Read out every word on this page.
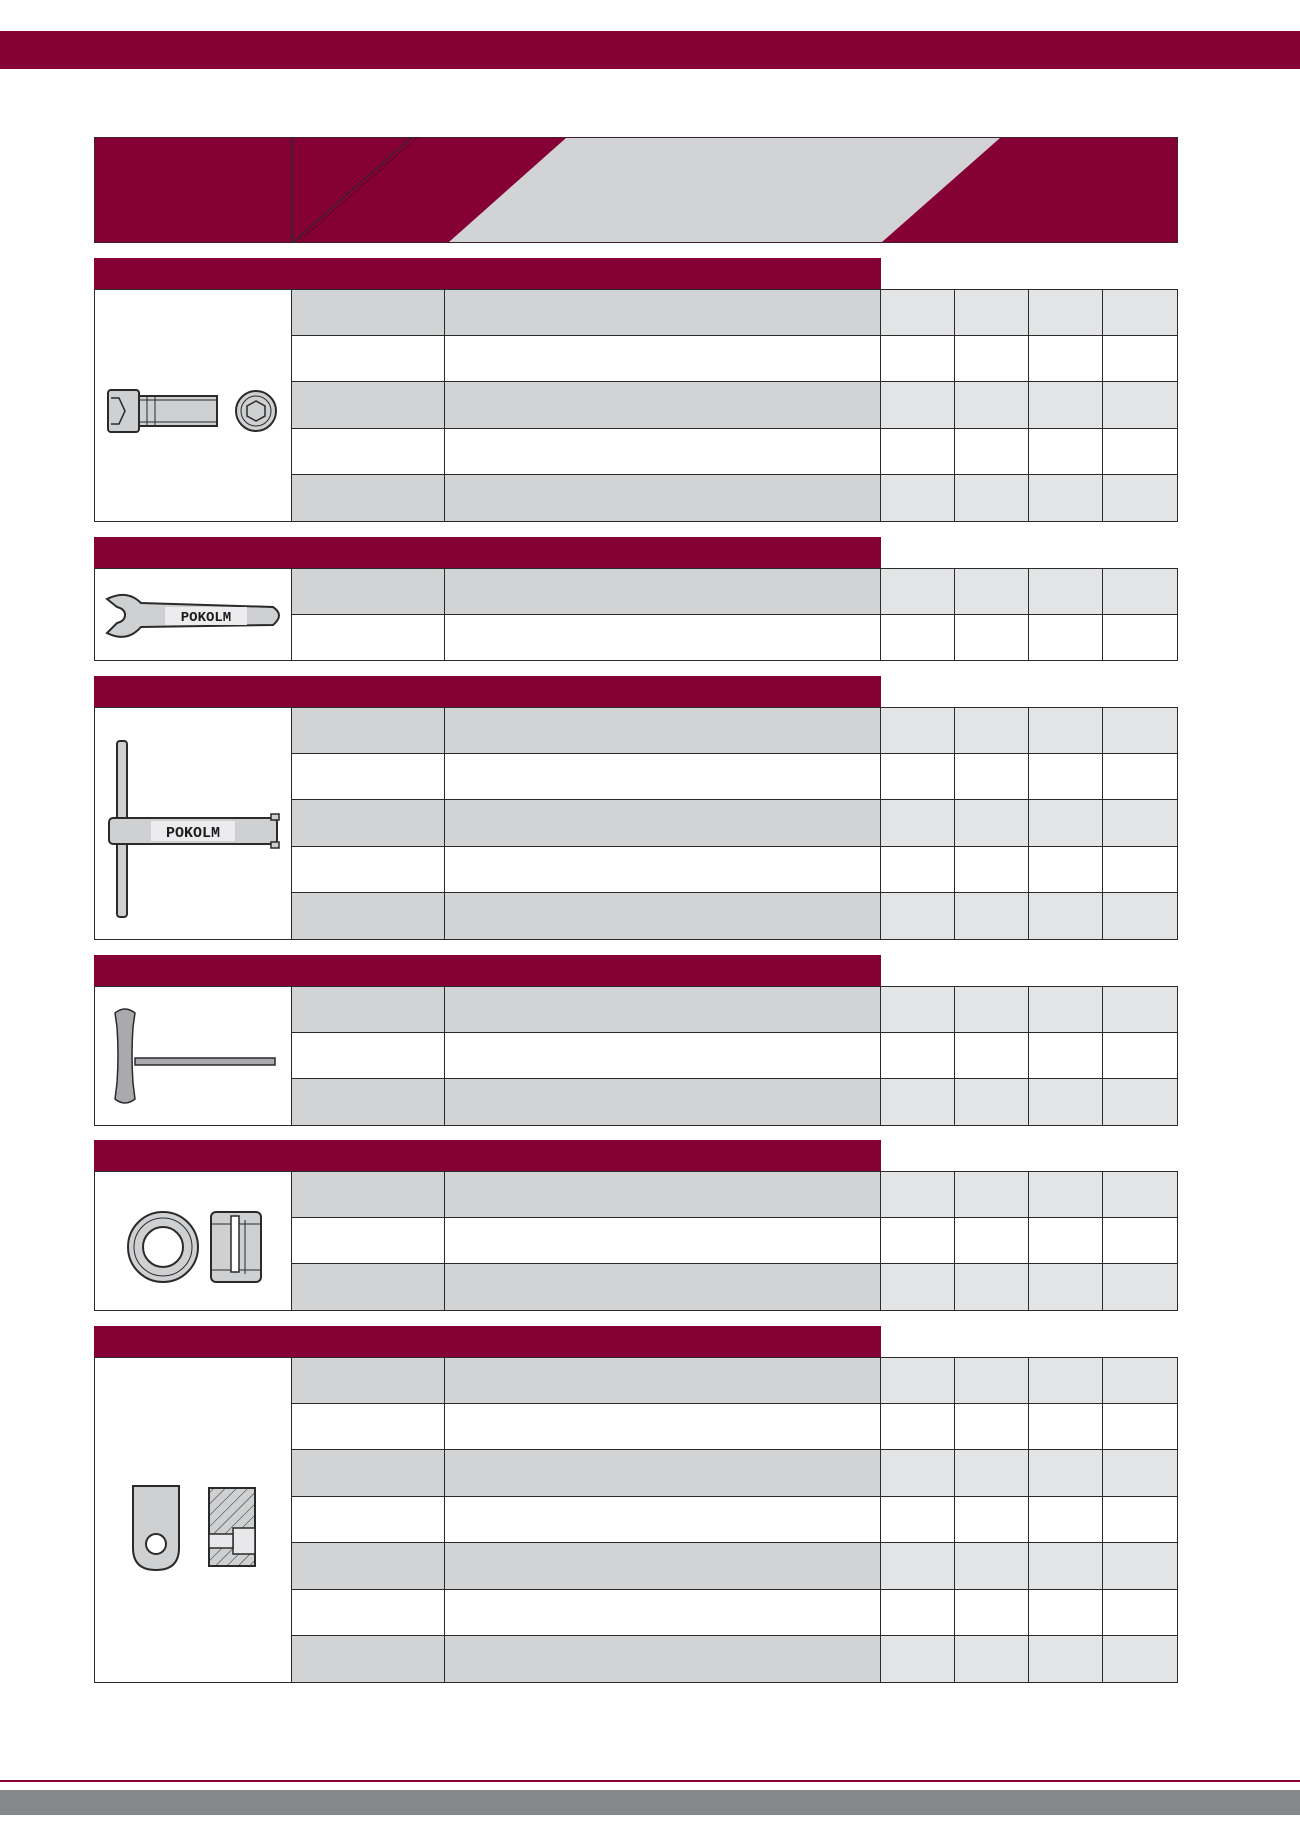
POKOLM
POKOLM
